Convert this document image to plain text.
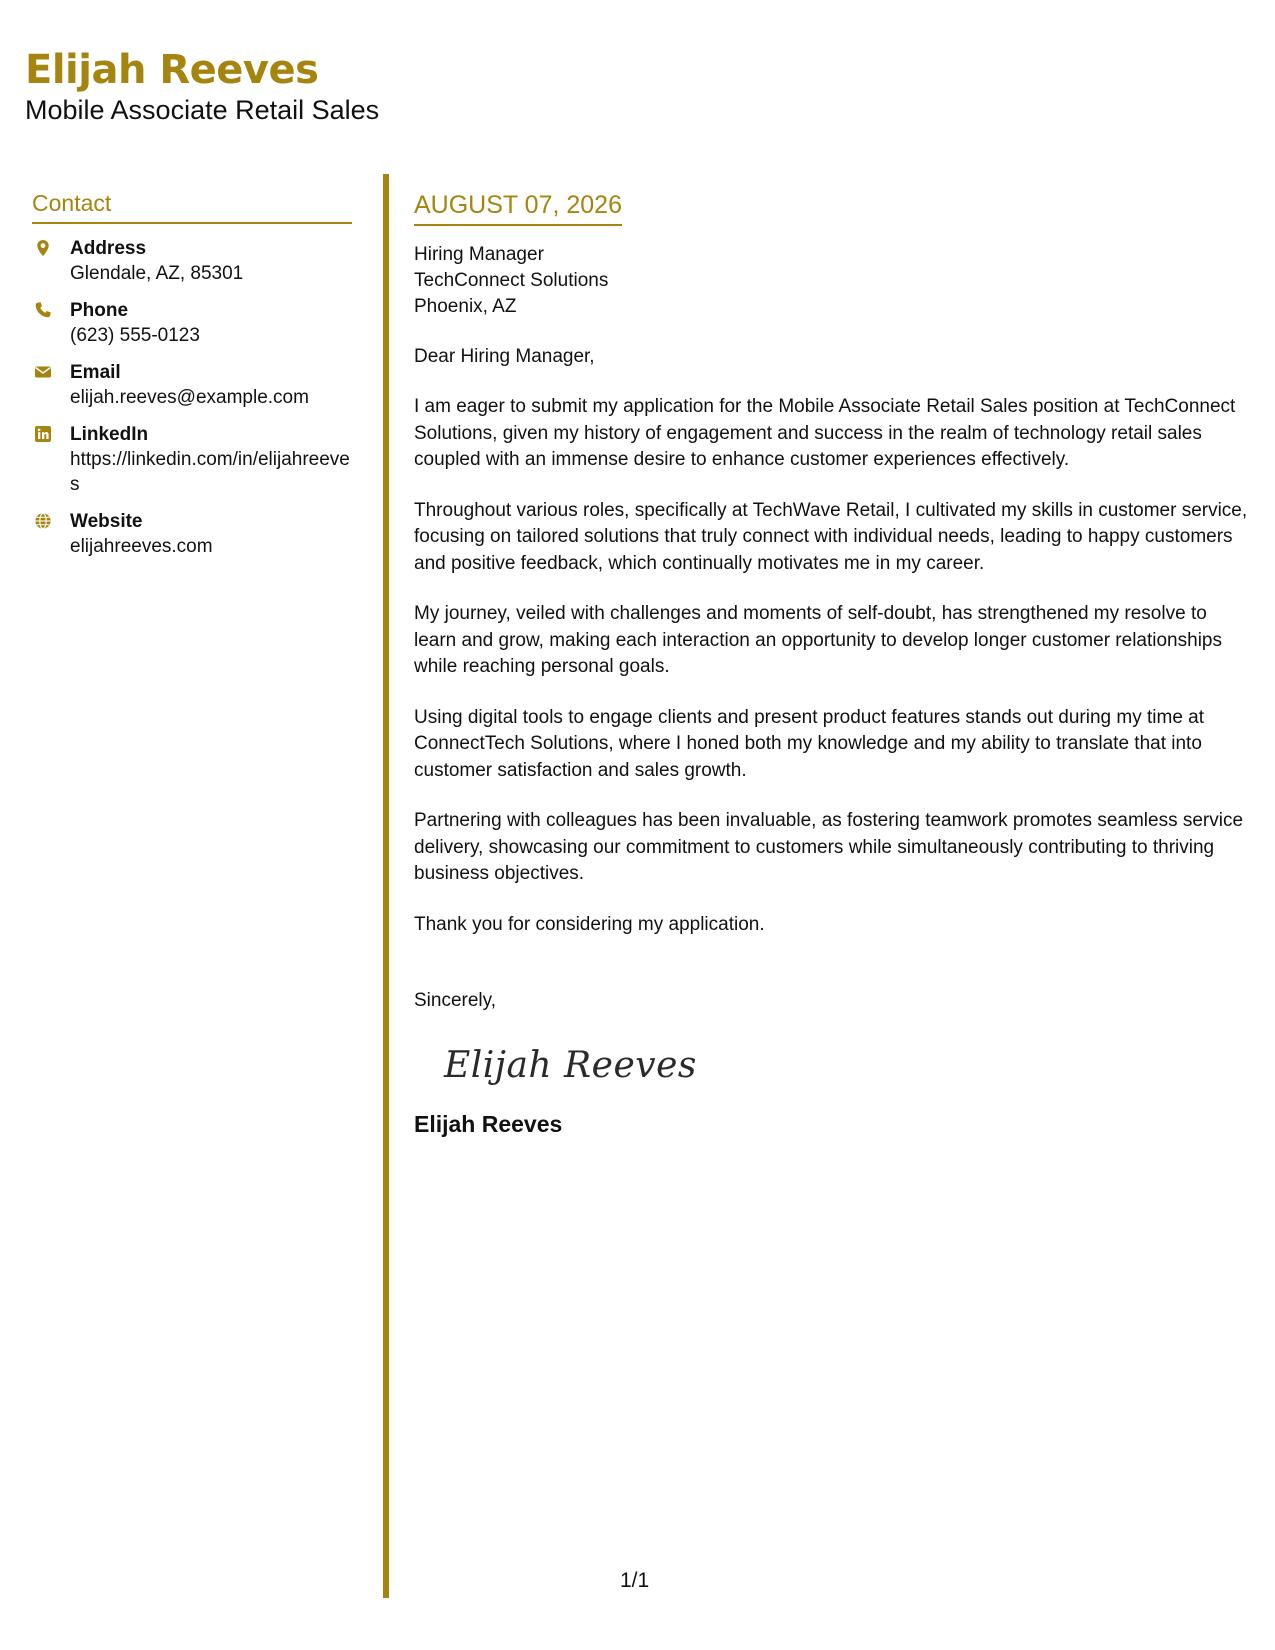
Elijah Reeves
Mobile Associate Retail Sales
Contact
Address
Glendale, AZ, 85301
Phone
(623) 555-0123
Email
elijah.reeves@example.com
LinkedIn
https://linkedin.com/in/elijahreeves
Website
elijahreeves.com
AUGUST 07, 2026
Hiring Manager
TechConnect Solutions
Phoenix, AZ
Dear Hiring Manager,
I am eager to submit my application for the Mobile Associate Retail Sales position at TechConnect Solutions, given my history of engagement and success in the realm of technology retail sales coupled with an immense desire to enhance customer experiences effectively.
Throughout various roles, specifically at TechWave Retail, I cultivated my skills in customer service, focusing on tailored solutions that truly connect with individual needs, leading to happy customers and positive feedback, which continually motivates me in my career.
My journey, veiled with challenges and moments of self-doubt, has strengthened my resolve to learn and grow, making each interaction an opportunity to develop longer customer relationships while reaching personal goals.
Using digital tools to engage clients and present product features stands out during my time at ConnectTech Solutions, where I honed both my knowledge and my ability to translate that into customer satisfaction and sales growth.
Partnering with colleagues has been invaluable, as fostering teamwork promotes seamless service delivery, showcasing our commitment to customers while simultaneously contributing to thriving business objectives.
Thank you for considering my application.
Sincerely,
Elijah Reeves
Elijah Reeves
1/1
